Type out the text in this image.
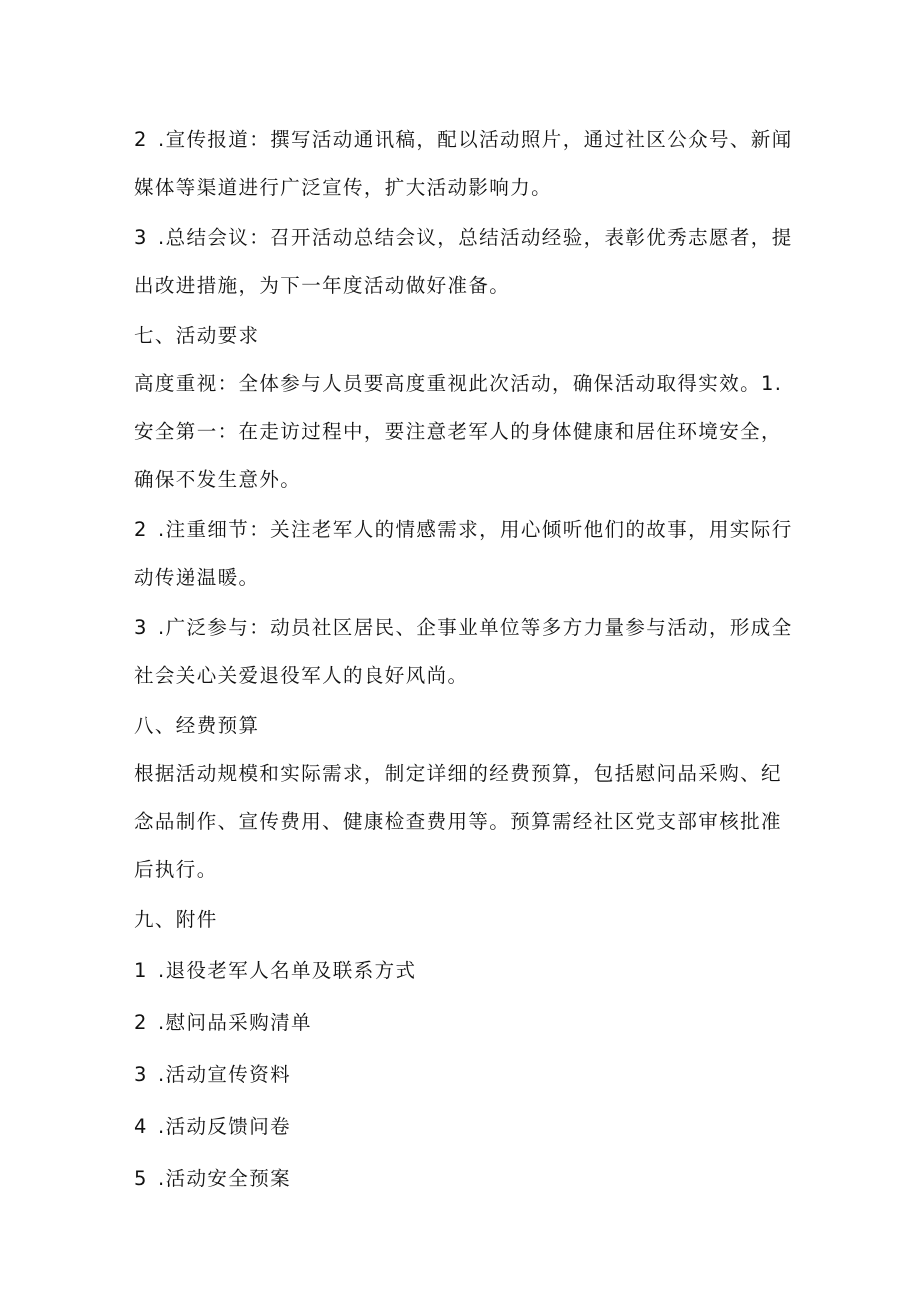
2 .宣传报道：撰写活动通讯稿，配以活动照片，通过社区公众号、新闻媒体等渠道进行广泛宣传，扩大活动影响力。

3 .总结会议：召开活动总结会议，总结活动经验，表彰优秀志愿者，提出改进措施，为下一年度活动做好准备。

七、活动要求

高度重视：全体参与人员要高度重视此次活动，确保活动取得实效。1.安全第一：在走访过程中，要注意老军人的身体健康和居住环境安全，确保不发生意外。

2 .注重细节：关注老军人的情感需求，用心倾听他们的故事，用实际行动传递温暖。

3 .广泛参与：动员社区居民、企事业单位等多方力量参与活动，形成全社会关心关爱退役军人的良好风尚。

八、经费预算

根据活动规模和实际需求，制定详细的经费预算，包括慰问品采购、纪念品制作、宣传费用、健康检查费用等。预算需经社区党支部审核批准后执行。

九、附件

1 .退役老军人名单及联系方式

2 .慰问品采购清单

3 .活动宣传资料

4 .活动反馈问卷

5 .活动安全预案
